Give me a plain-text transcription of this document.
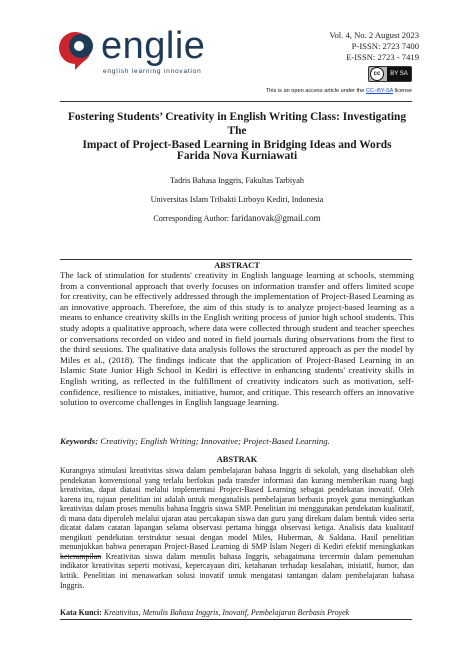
englie
english learning innovation
Vol. 4, No. 2 August 2023
P-ISSN: 2723 7400
E-ISSN: 2723 - 7419
cc	BY SA
This is an open access article under the CC–BY-SA license
Fostering Students’ Creativity in English Writing Class: Investigating The
Impact of Project-Based Learning in Bridging Ideas and Words
Farida Nova Kurniawati
Tadris Bahasa Inggris, Fakultas Tarbiyah
Universitas Islam Tribakti Lirboyo Kediri, Indonesia
Corresponding Author: faridanovak@gmail.com
ABSTRACT
The lack of stimulation for students' creativity in English language learning at schools, stemming from a conventional approach that overly focuses on information transfer and offers limited scope for creativity, can be effectively addressed through the implementation of Project-Based Learning as an innovative approach. Therefore, the aim of this study is to analyze project-based learning as a means to enhance creativity skills in the English writing process of junior high school students. This study adopts a qualitative approach, where data were collected through student and teacher speeches or conversations recorded on video and noted in field journals during observations from the first to the third sessions. The qualitative data analysis follows the structured approach as per the model by Miles et al., (2018). The findings indicate that the application of Project-Based Learning in an Islamic State Junior High School in Kediri is effective in enhancing students' creativity skills in English writing, as reflected in the fulfillment of creativity indicators such as motivation, self-confidence, resilience to mistakes, initiative, humor, and critique. This research offers an innovative solution to overcome challenges in English language learning.
Keywords: Creativity; English Writing; Innovative; Project-Based Learning.
ABSTRAK
Kurangnya stimulasi kreativitas siswa dalam pembelajaran bahasa Inggris di sekolah, yang disebabkan oleh pendekatan konvensional yang terlalu berfokus pada transfer informasi dan kurang memberikan ruang bagi kreativitas, dapat diatasi melalui implementasi Project-Based Learning sebagai pendekatan inovatif. Oleh karena itu, tujuan penelitian ini adalah untuk menganalisis pembelajaran berbasis proyek guna meningkatkan kreativitas dalam proses menulis bahasa Inggris siswa SMP. Penelitian ini menggunakan pendekatan kualitatif, di mana data diperoleh melalui ujaran atau percakapan siswa dan guru yang direkam dalam bentuk video serta dicatat dalam catatan lapangan selama observasi pertama hingga observasi ketiga. Analisis data kualitatif mengikuti pendekatan terstruktur sesuai dengan model Miles, Huberman, & Saldana. Hasil penelitian menunjukkan bahwa penerapan Project-Based Learning di SMP Islam Negeri di Kediri efektif meningkatkan keterampilan Kreativitas siswa dalam menulis bahasa Inggris, sebagaimana tercermin dalam pemenuhan indikator kreativitas seperti motivasi, kepercayaan diri, ketahanan terhadap kesalahan, inisiatif, humor, dan kritik. Penelitian ini menawarkan solusi inovatif untuk mengatasi tantangan dalam pembelajaran bahasa Inggris.
Kata Kunci: Kreativitas, Menulis Bahasa Inggris, Inovatif, Pembelajaran Berbasis Proyek
